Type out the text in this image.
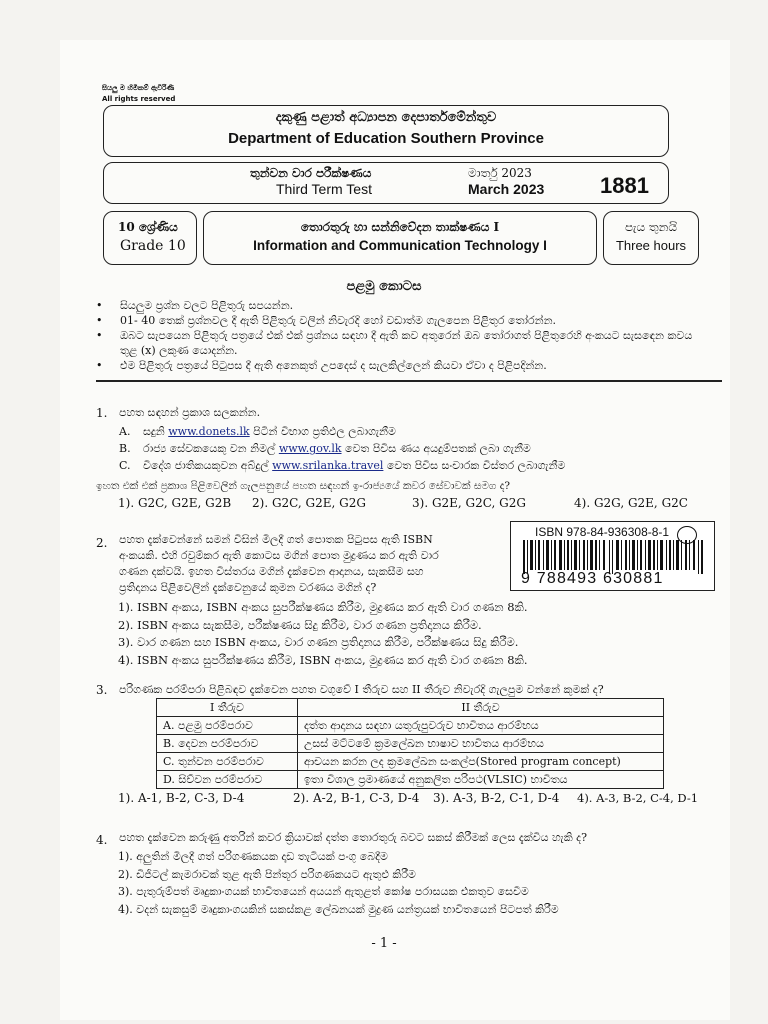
සියලු ම හිමිකම් ඇවිරිණි
All rights reserved
දකුණු පළාත් අධ්‍යාපන දෙපාර්තමේන්තුව
Department of Education Southern Province
තුන්වන වාර පරීක්ෂණය
Third Term Test
මාර්තු 2023
March 2023	1881
10 ශ්‍රේණිය
Grade 10
තොරතුරු හා සන්නිවේදන තාක්ෂණය I
Information and Communication Technology I
පැය තුනයි
Three hours
පළමු කොටස
•	සියලුම ප්‍රශ්න වලට පිළිතුරු සපයන්න.
•	01- 40 තෙක් ප්‍රශ්නවල දී ඇති පිළිතුරු වලින් නිවැරදි හෝ වඩාත්ම ගැලපෙන පිළිතුර තෝරන්න.
•	ඔබට සැපයෙන පිළිතුරු පත්‍රයේ එක් එක් ප්‍රශ්නය සඳහා දී ඇති කව අතුරෙන් ඔබ තෝරාගත් පිළිතුරෙහි අංකයට සැසඳෙන කවය තුළ (x) ලකුණ යොදන්න.
•	එම පිළිතුරු පත්‍රයේ පිටුපස දී ඇති අනෙකුත් උපදෙස් ද සැලකිල්ලෙන් කියවා ඒවා ද පිළිපදින්න.
1. පහත සඳහන් ප්‍රකාශ සලකන්න.
A. සදුනි www.donets.lk පිටින් විභාග ප්‍රතිඵල ලබාගැනීම
B. රාජ්‍ය සේවකයෙකු වන නිමල් www.gov.lk වෙත පිවිස ණය අයදුම්පතක් ලබා ගැනීම
C. විදේශ ජාතිකයකුවන අබ්දුල් www.srilanka.travel වෙත පිවිස සංචාරක විස්තර ලබාගැනීම
ඉහත එක් එක් ප්‍රකාශ පිළිවෙලින් ගැලපනුයේ පහත සඳහන් ඉ-රාජ්‍යයේ කවර සේවාවක් සමග ද?
1). G2C, G2E, G2B 2). G2C, G2E, G2G	3). G2E, G2C, G2G	4). G2G, G2E, G2C
2. පහත දැක්වෙන්නේ සමන් විසින් මිලදී ගත් පොතක පිටුපස ඇති ISBN
අංකයකි. එහි රවුම්කර ඇති කොටස මගින් පොත මුද්‍රණය කර ඇති වාර
ගණන දක්වයි. ඉහත විස්තරය මගින් දැක්වෙන ආදානය, සැකසීම සහ
ප්‍රතිදානය පිළිවෙලින් දැක්වෙනුයේ කුමන වරණය මගින් ද?
ISBN 978-84-936308-8-1
9 788493 630881
1). ISBN අංකය, ISBN අංකය සුපරීක්ෂණය කිරීම, මුද්‍රණය කර ඇති වාර ගණන 8කි.
2). ISBN අංකය සැකසීම, පරීක්ෂණය සිදු කිරීම, වාර ගණන ප්‍රතිදානය කිරීම.
3). වාර ගණන සහ ISBN අංකය, වාර ගණන ප්‍රතිදානය කිරීම, පරීක්ෂණය සිදු කිරීම.
4). ISBN අංකය සුපරීක්ෂණය කිරීම, ISBN අංකය, මුද්‍රණය කර ඇති වාර ගණන 8කි.
3. පරිගණක පරම්පරා පිළිබඳව දැක්වෙන පහත වගුවේ I තීරුව සහ II තීරුව නිවැරදි ගැලපුම වන්නේ කුමක් ද?
I තීරුව	II තීරුව
A. පළමු පරම්පරාව	දත්ත ආදානය සඳහා යතුරුපුවරුව භාවිතය ආරම්භය
B. දෙවන පරම්පරාව	උසස් මට්ටමේ ක්‍රමලේඛන භාෂාව භාවිතය ආරම්භය
C. තුන්වන පරම්පරාව	ආචයන කරන ලද ක්‍රමලේඛන සංකල්ප(Stored program concept)
D. සිව්වන පරම්පරාව	ඉතා විශාල ප්‍රමාණයේ අනුකලිත පරිපථ(VLSIC) භාවිතය
1). A-1, B-2, C-3, D-4	2). A-2, B-1, C-3, D-4 3). A-3, B-2, C-1, D-4 4). A-3, B-2, C-4, D-1
4. පහත දැක්වෙන කරුණු අතරින් කවර ක්‍රියාවක් දත්ත තොරතුරු බවට සකස් කිරීමක් ලෙස දැක්විය හැකි ද?
1). අලුතින් මිලදී ගත් පරිගණකයක දෘඩ තැටියක් පංගු බෙදීම
2). ඩිජිටල් කැමරාවක් තුළ ඇති පින්තූර පරිගණකයට ඇතුළු කිරීම
3). පැතුරුම්පත් මෘදුකාංගයක් භාවිතයෙන් අයයන් ඇතුළත් කෝෂ පරාසයක එකතුව සෙවීම
4). වදන් සැකසුම් මෘදුකාංගයකින් සකස්කළ ලේඛනයක් මුද්‍රණ යන්ත්‍රයක් භාවිතයෙන් පිටපත් කිරීම
- 1 -
